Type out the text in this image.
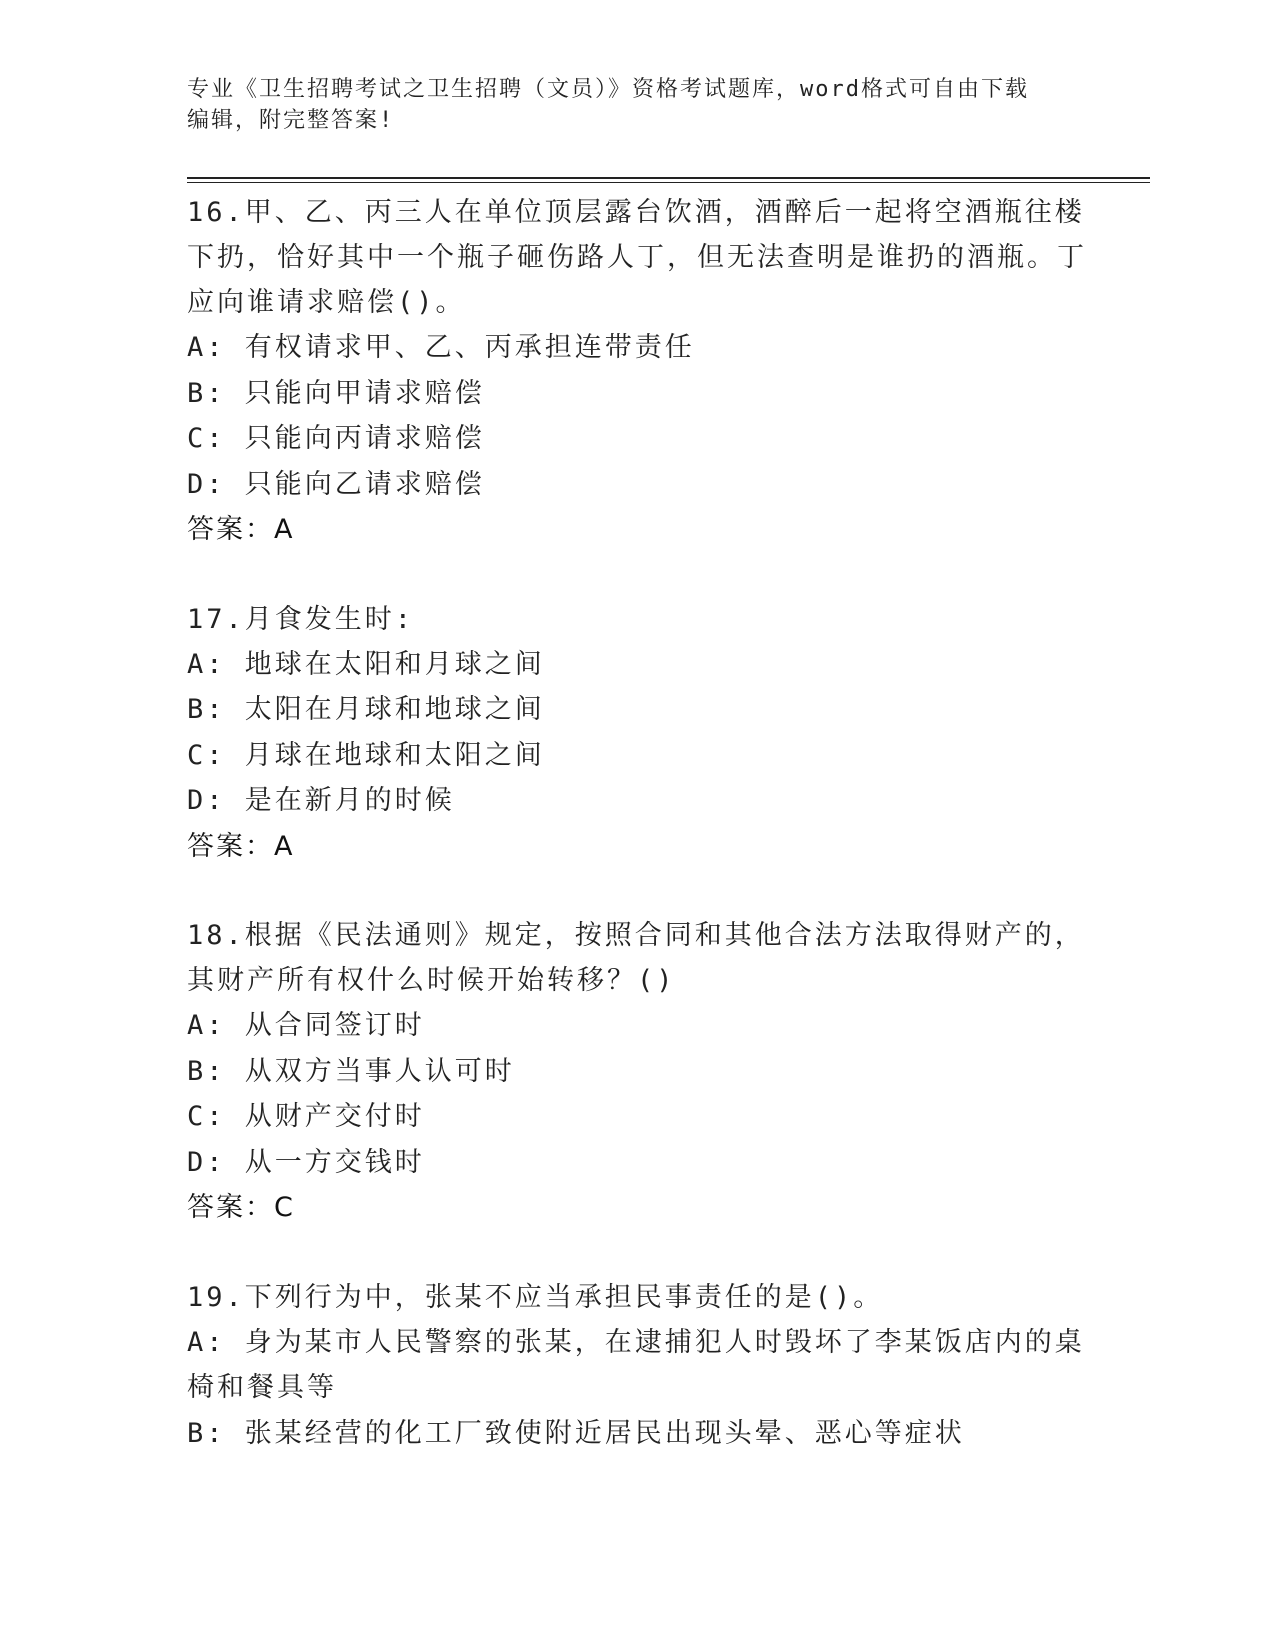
专业《卫生招聘考试之卫生招聘（文员）》资格考试题库，word格式可自由下载
编辑，附完整答案!
16.甲、乙、丙三人在单位顶层露台饮酒，酒醉后一起将空酒瓶往楼下扔，恰好其中一个瓶子砸伤路人丁，但无法查明是谁扔的酒瓶。丁应向谁请求赔偿()。
A: 有权请求甲、乙、丙承担连带责任
B: 只能向甲请求赔偿
C: 只能向丙请求赔偿
D: 只能向乙请求赔偿
答案：A
17.月食发生时:
A: 地球在太阳和月球之间
B: 太阳在月球和地球之间
C: 月球在地球和太阳之间
D: 是在新月的时候
答案：A
18.根据《民法通则》规定，按照合同和其他合法方法取得财产的，其财产所有权什么时候开始转移？()
A: 从合同签订时
B: 从双方当事人认可时
C: 从财产交付时
D: 从一方交钱时
答案：C
19.下列行为中，张某不应当承担民事责任的是()。
A: 身为某市人民警察的张某，在逮捕犯人时毁坏了李某饭店内的桌椅和餐具等
B: 张某经营的化工厂致使附近居民出现头晕、恶心等症状
